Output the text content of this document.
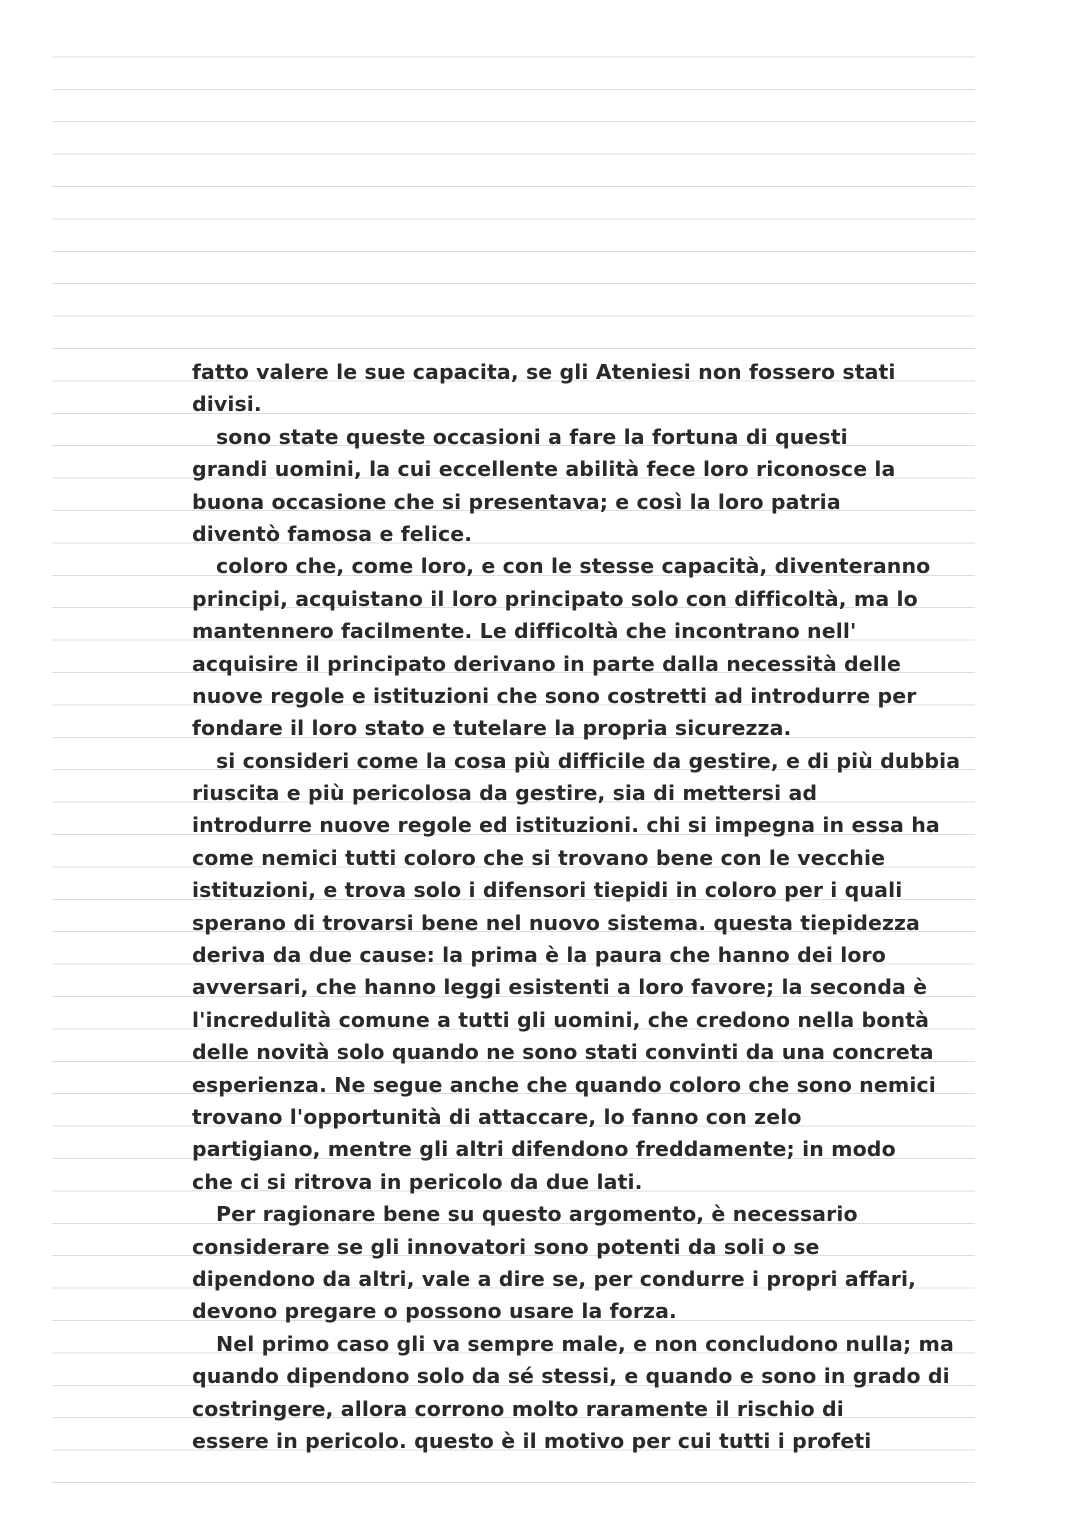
fatto valere le sue capacita, se gli Ateniesi non fossero stati
divisi.
sono state queste occasioni a fare la fortuna di questi
grandi uomini, la cui eccellente abilità fece loro riconosce la
buona occasione che si presentava; e così la loro patria
diventò famosa e felice.
coloro che, come loro, e con le stesse capacità, diventeranno
principi, acquistano il loro principato solo con difficoltà, ma lo
mantennero facilmente. Le difficoltà che incontrano nell'
acquisire il principato derivano in parte dalla necessità delle
nuove regole e istituzioni che sono costretti ad introdurre per
fondare il loro stato e tutelare la propria sicurezza.
si consideri come la cosa più difficile da gestire, e di più dubbia
riuscita e più pericolosa da gestire, sia di mettersi ad
introdurre nuove regole ed istituzioni. chi si impegna in essa ha
come nemici tutti coloro che si trovano bene con le vecchie
istituzioni, e trova solo i difensori tiepidi in coloro per i quali
sperano di trovarsi bene nel nuovo sistema. questa tiepidezza
deriva da due cause: la prima è la paura che hanno dei loro
avversari, che hanno leggi esistenti a loro favore; la seconda è
l'incredulità comune a tutti gli uomini, che credono nella bontà
delle novità solo quando ne sono stati convinti da una concreta
esperienza. Ne segue anche che quando coloro che sono nemici
trovano l'opportunità di attaccare, lo fanno con zelo
partigiano, mentre gli altri difendono freddamente; in modo
che ci si ritrova in pericolo da due lati.
Per ragionare bene su questo argomento, è necessario
considerare se gli innovatori sono potenti da soli o se
dipendono da altri, vale a dire se, per condurre i propri affari,
devono pregare o possono usare la forza.
Nel primo caso gli va sempre male, e non concludono nulla; ma
quando dipendono solo da sé stessi, e quando e sono in grado di
costringere, allora corrono molto raramente il rischio di
essere in pericolo. questo è il motivo per cui tutti i profeti
